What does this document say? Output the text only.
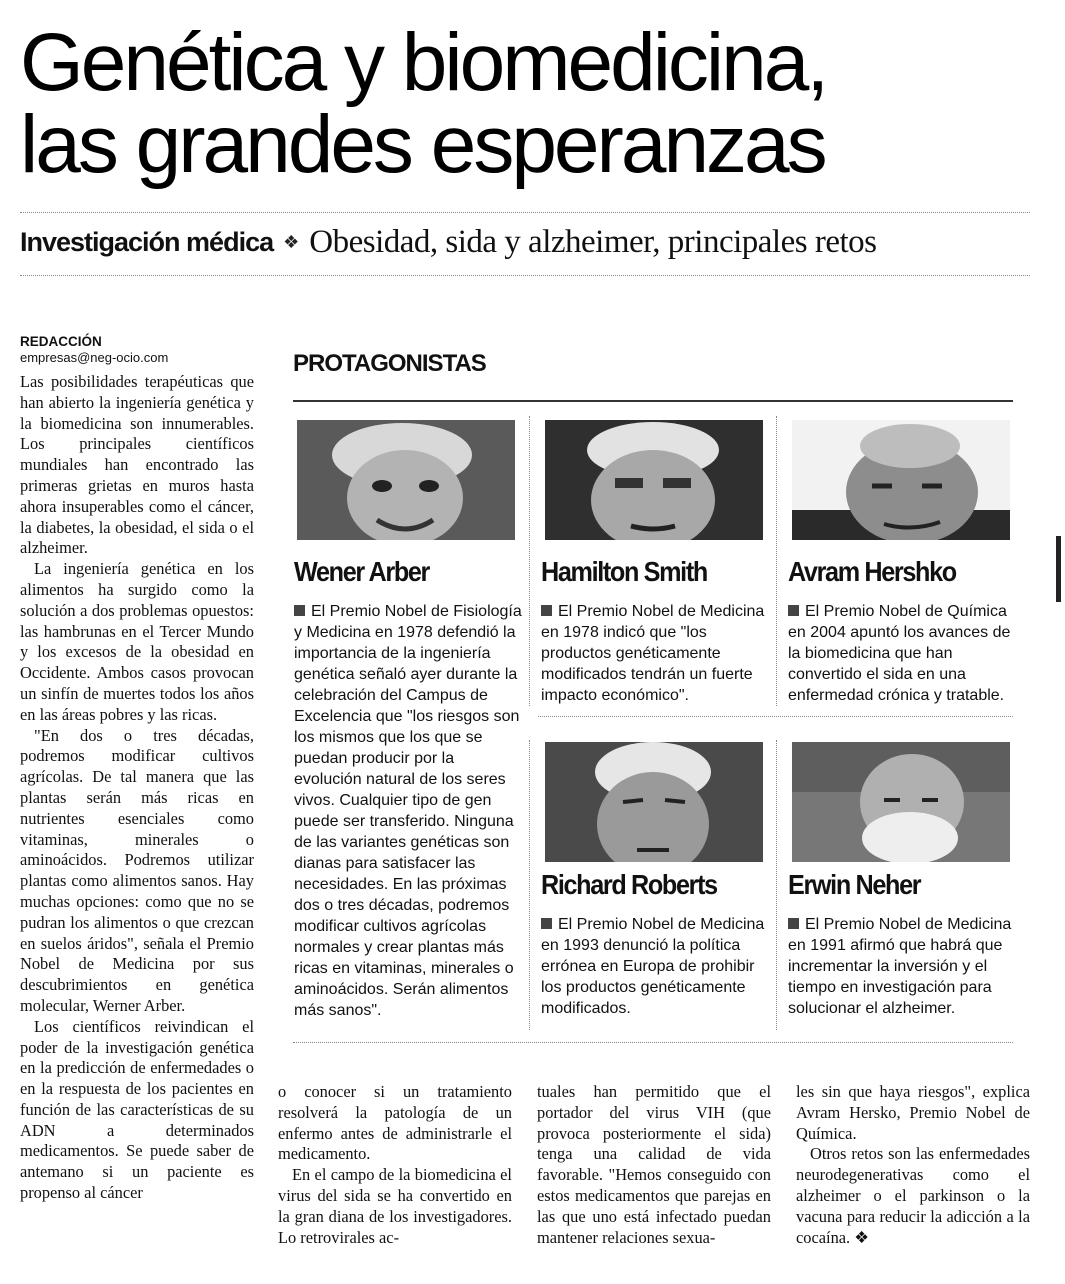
Genética y biomedicina,
las grandes esperanzas
Investigación médica ❖ Obesidad, sida y alzheimer, principales retos
REDACCIÓN
empresas@neg-ocio.com

Las posibilidades terapéuticas que han abierto la ingeniería genética y la biomedicina son innumerables. Los principales científicos mundiales han encontrado las primeras grietas en muros hasta ahora insuperables como el cáncer, la diabetes, la obesidad, el sida o el alzheimer.

La ingeniería genética en los alimentos ha surgido como la solución a dos problemas opuestos: las hambrunas en el Tercer Mundo y los excesos de la obesidad en Occidente. Ambos casos provocan un sinfín de muertes todos los años en las áreas pobres y las ricas.

"En dos o tres décadas, podremos modificar cultivos agrícolas. De tal manera que las plantas serán más ricas en nutrientes esenciales como vitaminas, minerales o aminoácidos. Podremos utilizar plantas como alimentos sanos. Hay muchas opciones: como que no se pudran los alimentos o que crezcan en suelos áridos", señala el Premio Nobel de Medicina por sus descubrimientos en genética molecular, Werner Arber.

Los científicos reivindican el poder de la investigación genética en la predicción de enfermedades o en la respuesta de los pacientes en función de las características de su ADN a determinados medicamentos. Se puede saber de antemano si un paciente es propenso al cáncer

PROTAGONISTAS
Wener Arber
El Premio Nobel de Fisiología y Medicina en 1978 defendió la importancia de la ingeniería genética señaló ayer durante la celebración del Campus de Excelencia que "los riesgos son los mismos que los que se puedan producir por la evolución natural de los seres vivos. Cualquier tipo de gen puede ser transferido. Ninguna de las variantes genéticas son dianas para satisfacer las necesidades. En las próximas dos o tres décadas, podremos modificar cultivos agrícolas normales y crear plantas más ricas en vitaminas, minerales o aminoácidos. Serán alimentos más sanos".
Hamilton Smith
El Premio Nobel de Medicina en 1978 indicó que "los productos genéticamente modificados tendrán un fuerte impacto económico".
Avram Hershko
El Premio Nobel de Química en 2004 apuntó los avances de la biomedicina que han convertido el sida en una enfermedad crónica y tratable.
Richard Roberts
El Premio Nobel de Medicina en 1993 denunció la política errónea en Europa de prohibir los productos genéticamente modificados.
Erwin Neher
El Premio Nobel de Medicina en 1991 afirmó que habrá que incrementar la inversión y el tiempo en investigación para solucionar el alzheimer.

o conocer si un tratamiento resolverá la patología de un enfermo antes de administrarle el medicamento.

En el campo de la biomedicina el virus del sida se ha convertido en la gran diana de los investigadores. Lo retrovirales ac-

tuales han permitido que el portador del virus VIH (que provoca posteriormente el sida) tenga una calidad de vida favorable. "Hemos conseguido con estos medicamentos que parejas en las que uno está infectado puedan mantener relaciones sexua-

les sin que haya riesgos", explica Avram Hersko, Premio Nobel de Química.

Otros retos son las enfermedades neurodegenerativas como el alzheimer o el parkinson o la vacuna para reducir la adicción a la cocaína. ❖
